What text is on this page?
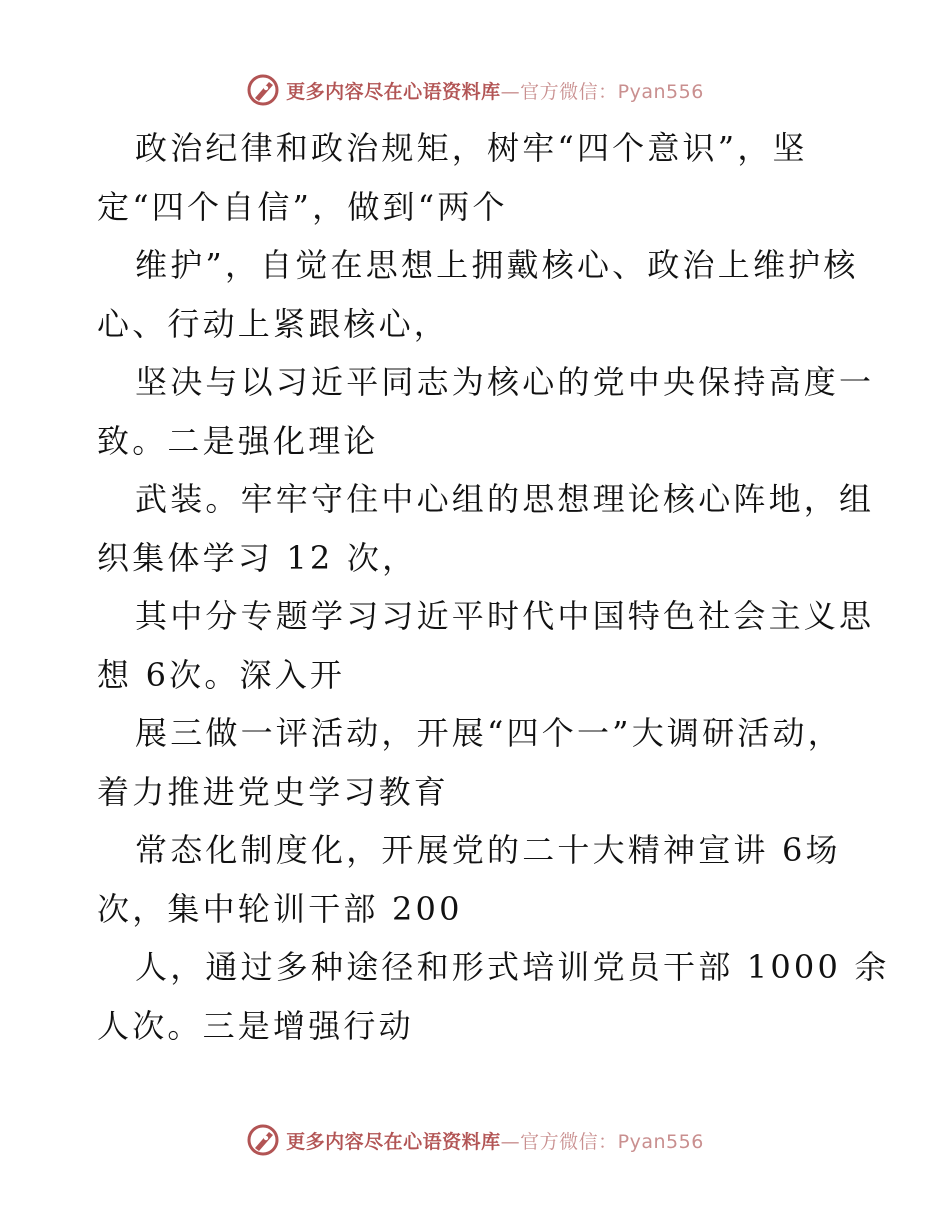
更多内容尽在心语资料库—官方微信：Pyan556
政治纪律和政治规矩，树牢“四个意识”，坚
定“四个自信”，做到“两个
维护”，自觉在思想上拥戴核心、政治上维护核
心、行动上紧跟核心，
坚决与以习近平同志为核心的党中央保持高度一
致。二是强化理论
武装。牢牢守住中心组的思想理论核心阵地，组
织集体学习 12 次，
其中分专题学习习近平时代中国特色社会主义思
想 6次。深入开
展三做一评活动，开展“四个一”大调研活动，
着力推进党史学习教育
常态化制度化，开展党的二十大精神宣讲 6场
次，集中轮训干部 200
人，通过多种途径和形式培训党员干部 1000 余
人次。三是增强行动
更多内容尽在心语资料库—官方微信：Pyan556
